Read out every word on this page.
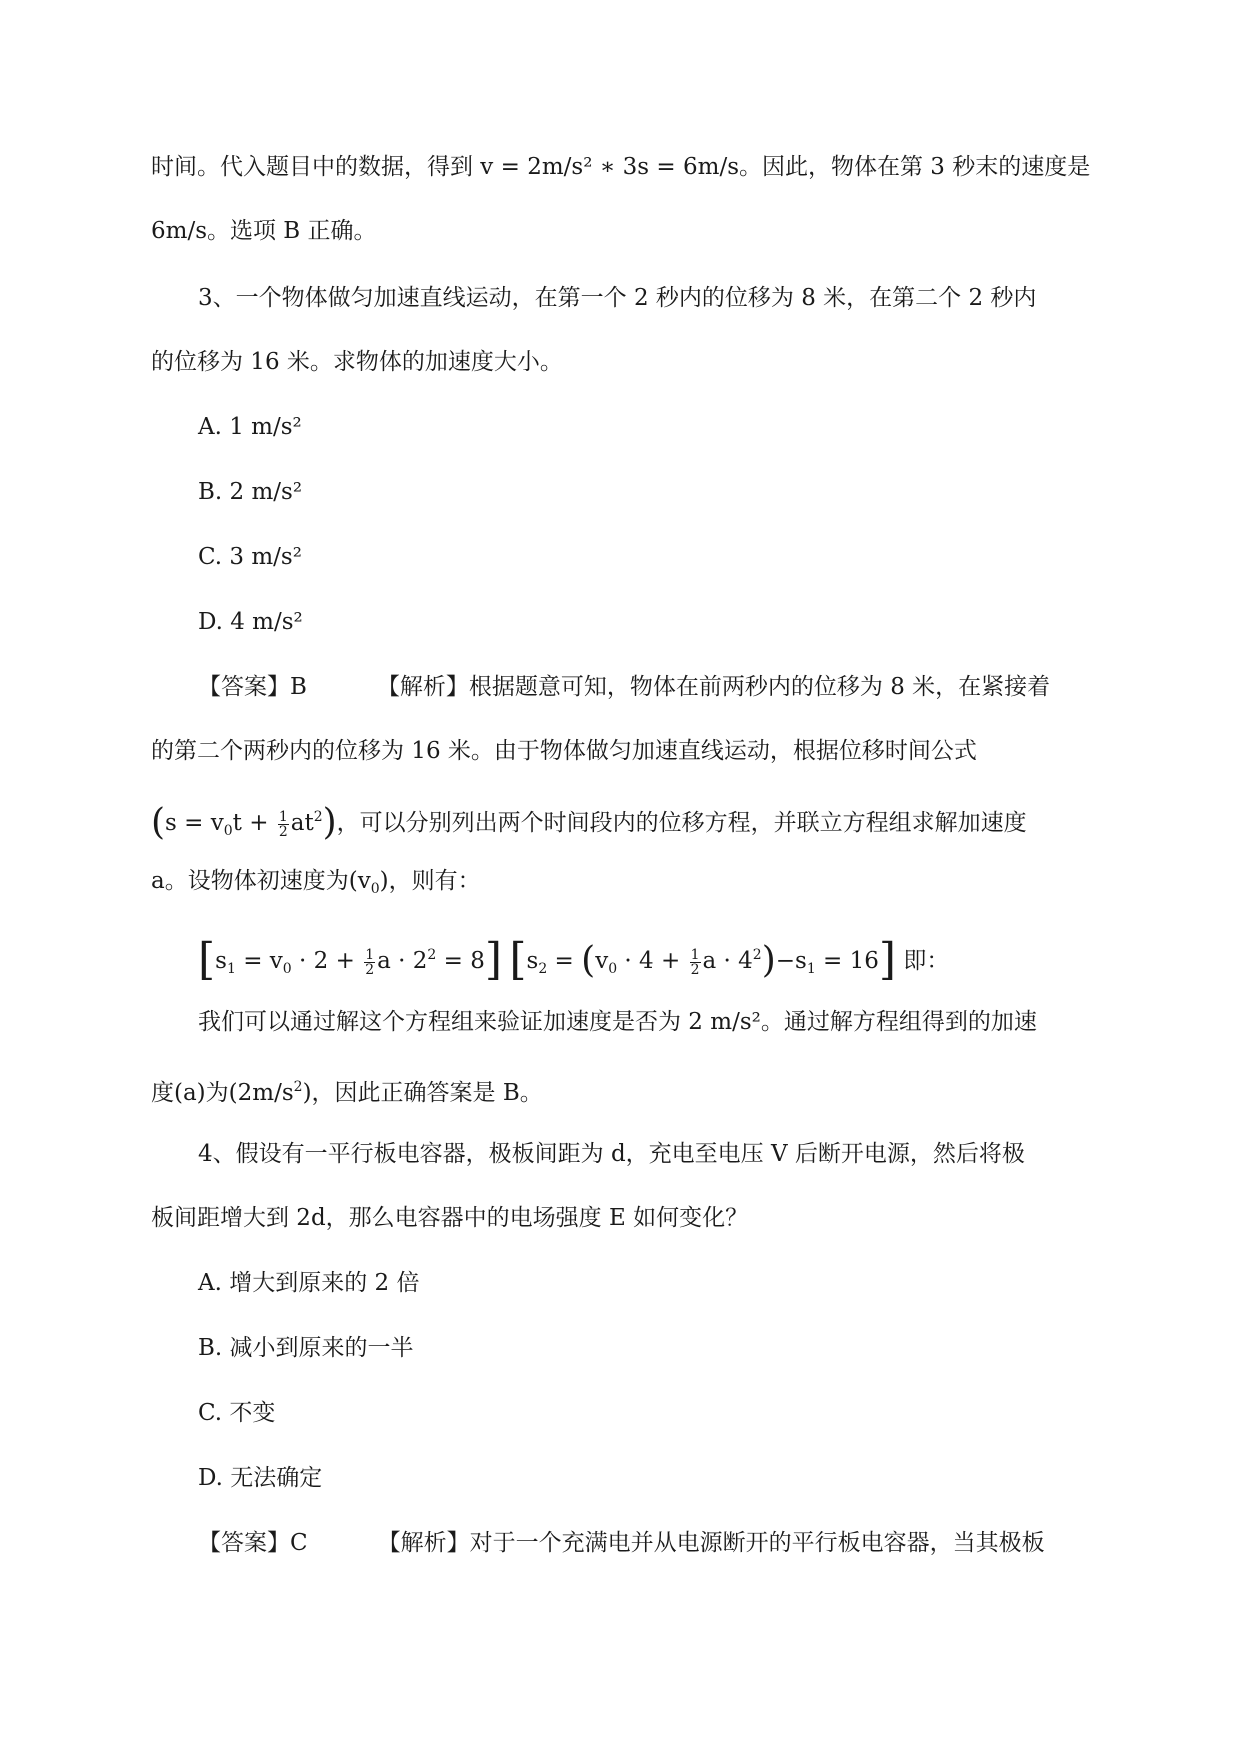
时间。代入题目中的数据，得到 v = 2m/s² ∗ 3s = 6m/s。因此，物体在第 3 秒末的速度是
6m/s。选项 B 正确。
3、一个物体做匀加速直线运动，在第一个 2 秒内的位移为 8 米，在第二个 2 秒内
的位移为 16 米。求物体的加速度大小。
A. 1 m/s²
B. 2 m/s²
C. 3 m/s²
D. 4 m/s²
【答案】B	【解析】根据题意可知，物体在前两秒内的位移为 8 米，在紧接着
的第二个两秒内的位移为 16 米。由于物体做匀加速直线运动，根据位移时间公式
$(s = v_0t + \frac{1}{2} at^2)$，可以分别列出两个时间段内的位移方程，并联立方程组求解加速度
a。设物体初速度为$(v_0)$，则有：
[$s_1 = v_0 \cdot 2 + \frac{1}{2}$ $a \cdot 2^2 = 8$] [$s_2 = (v_0 \cdot 4 + \frac{1}{2}$ $a \cdot 4^2)-s_1 = 16$] 即：
我们可以通过解这个方程组来验证加速度是否为 2 m/s²。通过解方程组得到的加速
度(a)为$(2m/s^2)$，因此正确答案是 B。
4、假设有一平行板电容器，极板间距为 d，充电至电压 V 后断开电源，然后将极
板间距增大到 2d，那么电容器中的电场强度 E 如何变化？
A. 增大到原来的 2 倍
B. 减小到原来的一半
C. 不变
D. 无法确定
【答案】C	【解析】对于一个充满电并从电源断开的平行板电容器，当其极板
